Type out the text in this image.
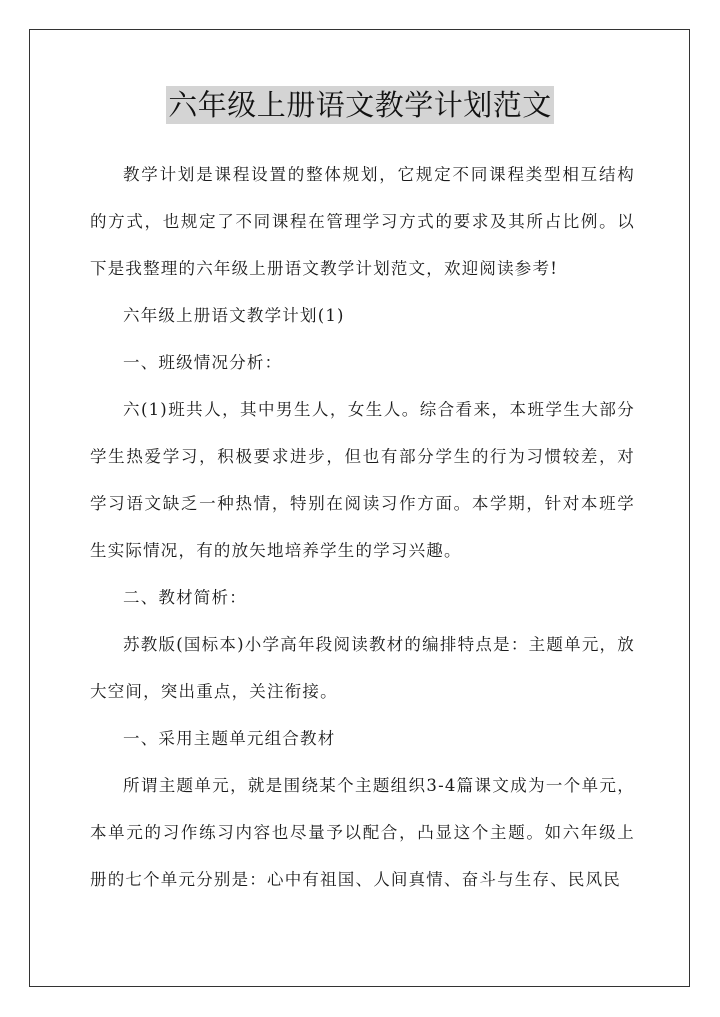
六年级上册语文教学计划范文

教学计划是课程设置的整体规划，它规定不同课程类型相互结构的方式，也规定了不同课程在管理学习方式的要求及其所占比例。以下是我整理的六年级上册语文教学计划范文，欢迎阅读参考!

六年级上册语文教学计划(1)

一、班级情况分析：

六(1)班共人，其中男生人，女生人。综合看来，本班学生大部分学生热爱学习，积极要求进步，但也有部分学生的行为习惯较差，对学习语文缺乏一种热情，特别在阅读习作方面。本学期，针对本班学生实际情况，有的放矢地培养学生的学习兴趣。

二、教材简析：

苏教版(国标本)小学高年段阅读教材的编排特点是：主题单元，放大空间，突出重点，关注衔接。

一、采用主题单元组合教材

所谓主题单元，就是围绕某个主题组织3-4篇课文成为一个单元，本单元的习作练习内容也尽量予以配合，凸显这个主题。如六年级上册的七个单元分别是：心中有祖国、人间真情、奋斗与生存、民风民
